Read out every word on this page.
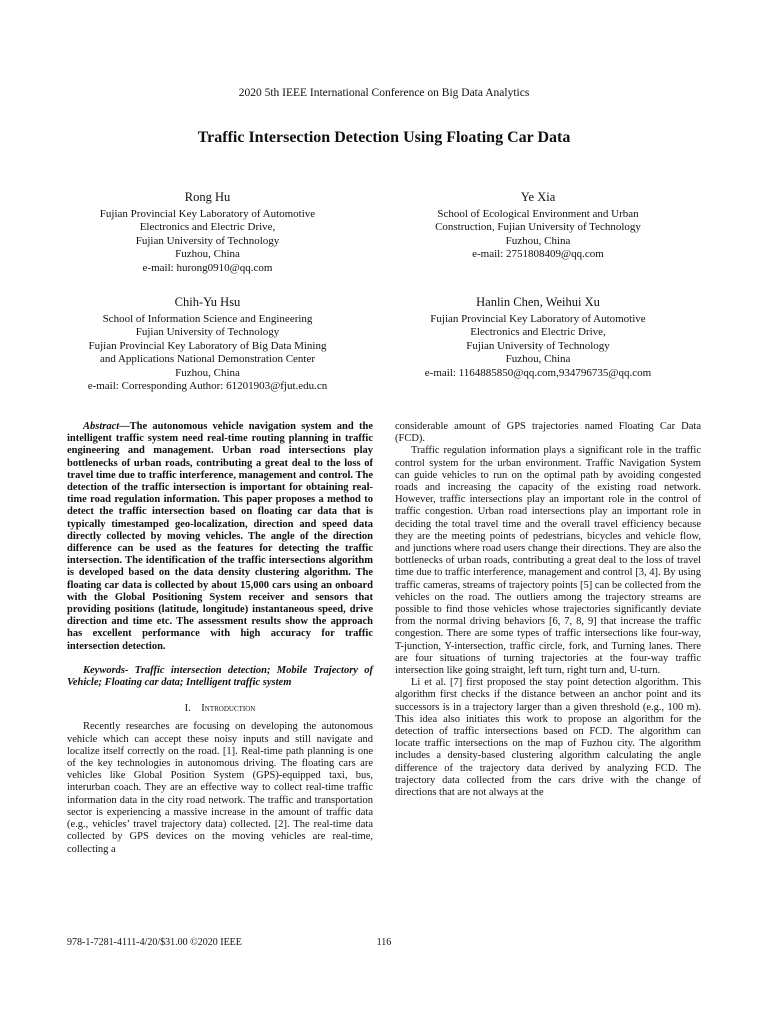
2020 5th IEEE International Conference on Big Data Analytics
Traffic Intersection Detection Using Floating Car Data
Rong Hu
Fujian Provincial Key Laboratory of Automotive
Electronics and Electric Drive,
Fujian University of Technology
Fuzhou, China
e-mail: hurong0910@qq.com
Ye Xia
School of Ecological Environment and Urban
Construction, Fujian University of Technology
Fuzhou, China
e-mail: 2751808409@qq.com
Chih-Yu Hsu
School of Information Science and Engineering
Fujian University of Technology
Fujian Provincial Key Laboratory of Big Data Mining
and Applications National Demonstration Center
Fuzhou, China
e-mail: Corresponding Author: 61201903@fjut.edu.cn
Hanlin Chen, Weihui Xu
Fujian Provincial Key Laboratory of Automotive
Electronics and Electric Drive,
Fujian University of Technology
Fuzhou, China
e-mail: 1164885850@qq.com,934796735@qq.com

Abstract—The autonomous vehicle navigation system and the intelligent traffic system need real-time routing planning in traffic engineering and management. Urban road intersections play bottlenecks of urban roads, contributing a great deal to the loss of travel time due to traffic interference, management and control. The detection of the traffic intersection is important for obtaining real-time road regulation information. This paper proposes a method to detect the traffic intersection based on floating car data that is typically timestamped geo-localization, direction and speed data directly collected by moving vehicles. The angle of the direction difference can be used as the features for detecting the traffic intersection. The identification of the traffic intersections algorithm is developed based on the data density clustering algorithm. The floating car data is collected by about 15,000 cars using an onboard with the Global Positioning System receiver and sensors that providing positions (latitude, longitude) instantaneous speed, drive direction and time etc. The assessment results show the approach has excellent performance with high accuracy for traffic intersection detection.

Keywords- Traffic intersection detection; Mobile Trajectory of Vehicle; Floating car data; Intelligent traffic system

I. Introduction

Recently researches are focusing on developing the autonomous vehicle which can accept these noisy inputs and still navigate and localize itself correctly on the road. [1]. Real-time path planning is one of the key technologies in autonomous driving. The floating cars are vehicles like Global Position System (GPS)-equipped taxi, bus, interurban coach. They are an effective way to collect real-time traffic information data in the city road network. The traffic and transportation sector is experiencing a massive increase in the amount of traffic data (e.g., vehicles’ travel trajectory data) collected. [2]. The real-time data collected by GPS devices on the moving vehicles are real-time, collecting a

considerable amount of GPS trajectories named Floating Car Data (FCD).

Traffic regulation information plays a significant role in the traffic control system for the urban environment. Traffic Navigation System can guide vehicles to run on the optimal path by avoiding congested roads and increasing the capacity of the existing road network. However, traffic intersections play an important role in the control of traffic congestion. Urban road intersections play an important role in deciding the total travel time and the overall travel efficiency because they are the meeting points of pedestrians, bicycles and vehicle flow, and junctions where road users change their directions. They are also the bottlenecks of urban roads, contributing a great deal to the loss of travel time due to traffic interference, management and control [3, 4]. By using traffic cameras, streams of trajectory points [5] can be collected from the vehicles on the road. The outliers among the trajectory streams are possible to find those vehicles whose trajectories significantly deviate from the normal driving behaviors [6, 7, 8, 9] that increase the traffic congestion. There are some types of traffic intersections like four-way, T-junction, Y-intersection, traffic circle, fork, and Turning lanes. There are four situations of turning trajectories at the four-way traffic intersection like going straight, left turn, right turn and, U-turn.

Li et al. [7] first proposed the stay point detection algorithm. This algorithm first checks if the distance between an anchor point and its successors is in a trajectory larger than a given threshold (e.g., 100 m). This idea also initiates this work to propose an algorithm for the detection of traffic intersections based on FCD. The algorithm can locate traffic intersections on the map of Fuzhou city. The algorithm includes a density-based clustering algorithm calculating the angle difference of the trajectory data derived by analyzing FCD. The trajectory data collected from the cars drive with the change of directions that are not always at the

978-1-7281-4111-4/20/$31.00 ©2020 IEEE	116
